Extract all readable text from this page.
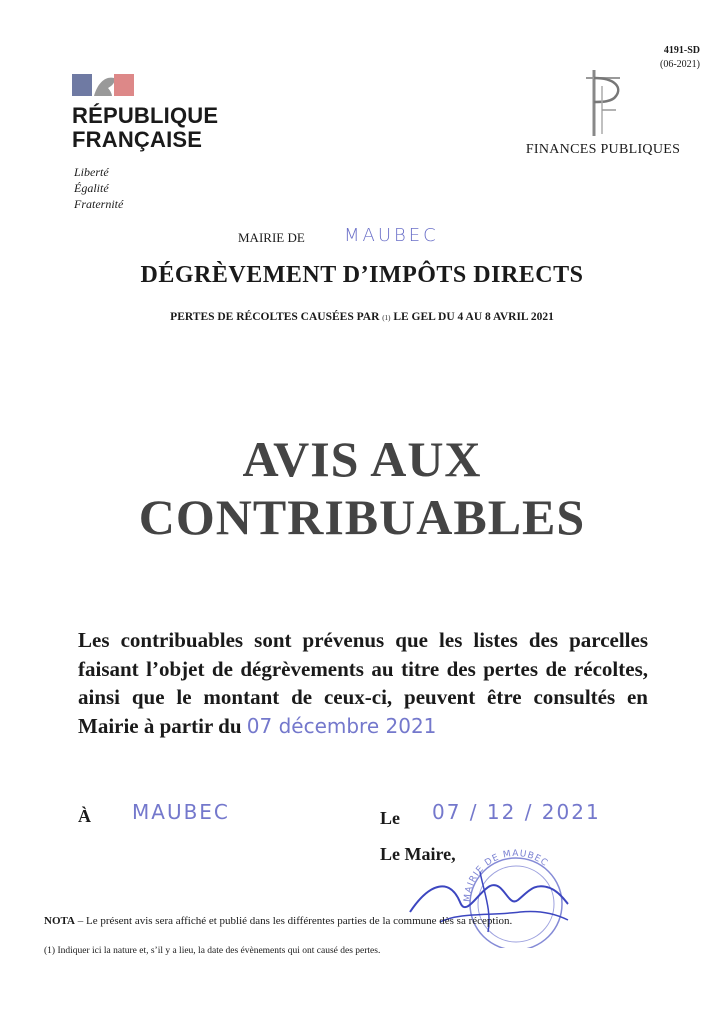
4191-SD
(06-2021)
RÉPUBLIQUE
FRANÇAISE
Liberté
Égalité
Fraternité
FINANCES PUBLIQUES
MAIRIE DE MAUBEC
DÉGRÈVEMENT D’IMPÔTS DIRECTS
PERTES DE RÉCOLTES CAUSÉES PAR (1) LE GEL DU 4 AU 8 AVRIL 2021
AVIS AUX
CONTRIBUABLES
Les contribuables sont prévenus que les listes des parcelles faisant l’objet de dégrèvements au titre des pertes de récoltes, ainsi que le montant de ceux-ci, peuvent être consultés en Mairie à partir du 07 décembre 2021
À MAUBEC	Le 07 / 12 / 2021
Le Maire,
MAIRIE DE MAUBEC
NOTA – Le présent avis sera affiché et publié dans les différentes parties de la commune dès sa réception.
(1) Indiquer ici la nature et, s’il y a lieu, la date des évènements qui ont causé des pertes.
